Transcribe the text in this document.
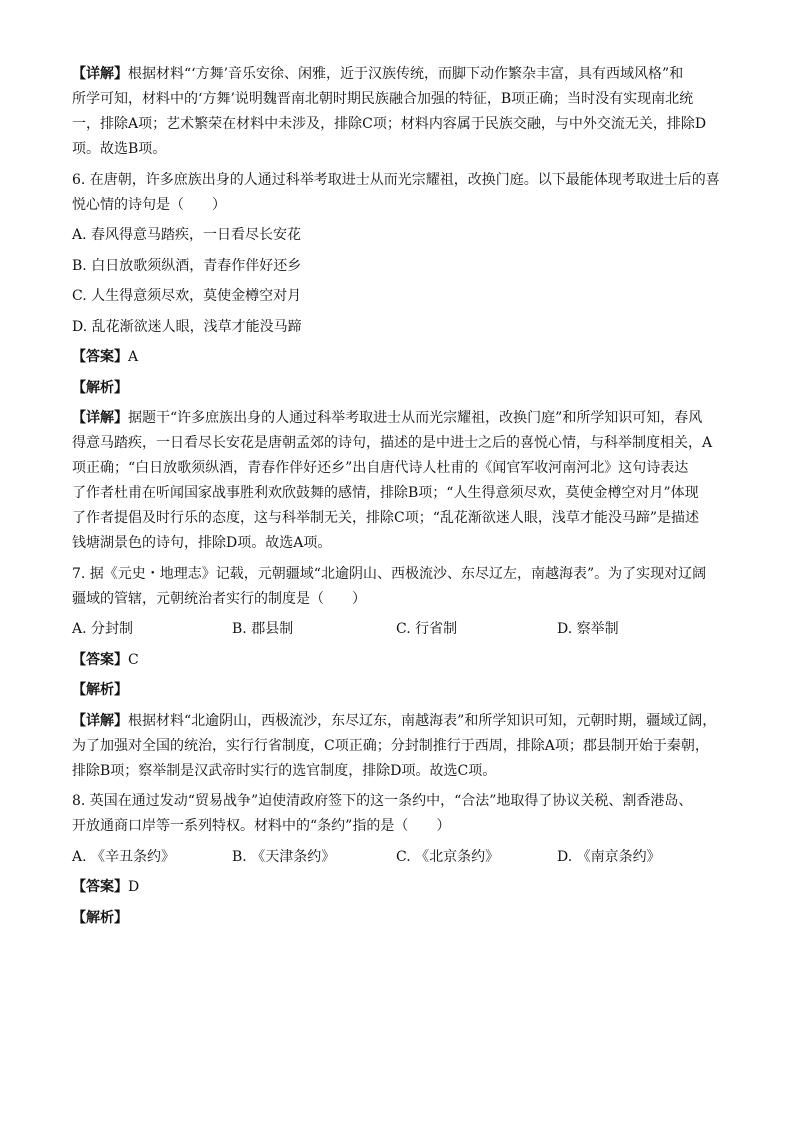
【详解】根据材料“‘方舞’音乐安徐、闲雅，近于汉族传统，而脚下动作繁杂丰富，具有西域风格”和
所学可知，材料中的‘方舞’说明魏晋南北朝时期民族融合加强的特征，B项正确；当时没有实现南北统
一，排除A项；艺术繁荣在材料中未涉及，排除C项；材料内容属于民族交融，与中外交流无关，排除D
项。故选B项。
6. 在唐朝，许多庶族出身的人通过科举考取进士从而光宗耀祖，改换门庭。以下最能体现考取进士后的喜
悦心情的诗句是（　　）
A. 春风得意马踏疾，一日看尽长安花
B. 白日放歌须纵酒，青春作伴好还乡
C. 人生得意须尽欢，莫使金樽空对月
D. 乱花渐欲迷人眼，浅草才能没马蹄
【答案】A
【解析】
【详解】据题干“许多庶族出身的人通过科举考取进士从而光宗耀祖，改换门庭”和所学知识可知，春风
得意马踏疾，一日看尽长安花是唐朝孟郊的诗句，描述的是中进士之后的喜悦心情，与科举制度相关，A
项正确；“白日放歌须纵酒，青春作伴好还乡”出自唐代诗人杜甫的《闻官军收河南河北》这句诗表达
了作者杜甫在听闻国家战事胜利欢欣鼓舞的感情，排除B项；“人生得意须尽欢，莫使金樽空对月”体现
了作者提倡及时行乐的态度，这与科举制无关，排除C项；“乱花渐欲迷人眼，浅草才能没马蹄”是描述
钱塘湖景色的诗句，排除D项。故选A项。
7. 据《元史・地理志》记载，元朝疆域“北逾阴山、西极流沙、东尽辽左，南越海表”。为了实现对辽阔
疆域的管辖，元朝统治者实行的制度是（　　）
A. 分封制	B. 郡县制	C. 行省制	D. 察举制
【答案】C
【解析】
【详解】根据材料“北逾阴山，西极流沙，东尽辽东，南越海表”和所学知识可知，元朝时期，疆域辽阔，
为了加强对全国的统治，实行行省制度，C项正确；分封制推行于西周，排除A项；郡县制开始于秦朝，
排除B项；察举制是汉武帝时实行的选官制度，排除D项。故选C项。
8. 英国在通过发动“贸易战争”迫使清政府签下的这一条约中，“合法”地取得了协议关税、割香港岛、
开放通商口岸等一系列特权。材料中的“条约”指的是（　　）
A. 《辛丑条约》	B. 《天津条约》	C. 《北京条约》	D. 《南京条约》
【答案】D
【解析】
